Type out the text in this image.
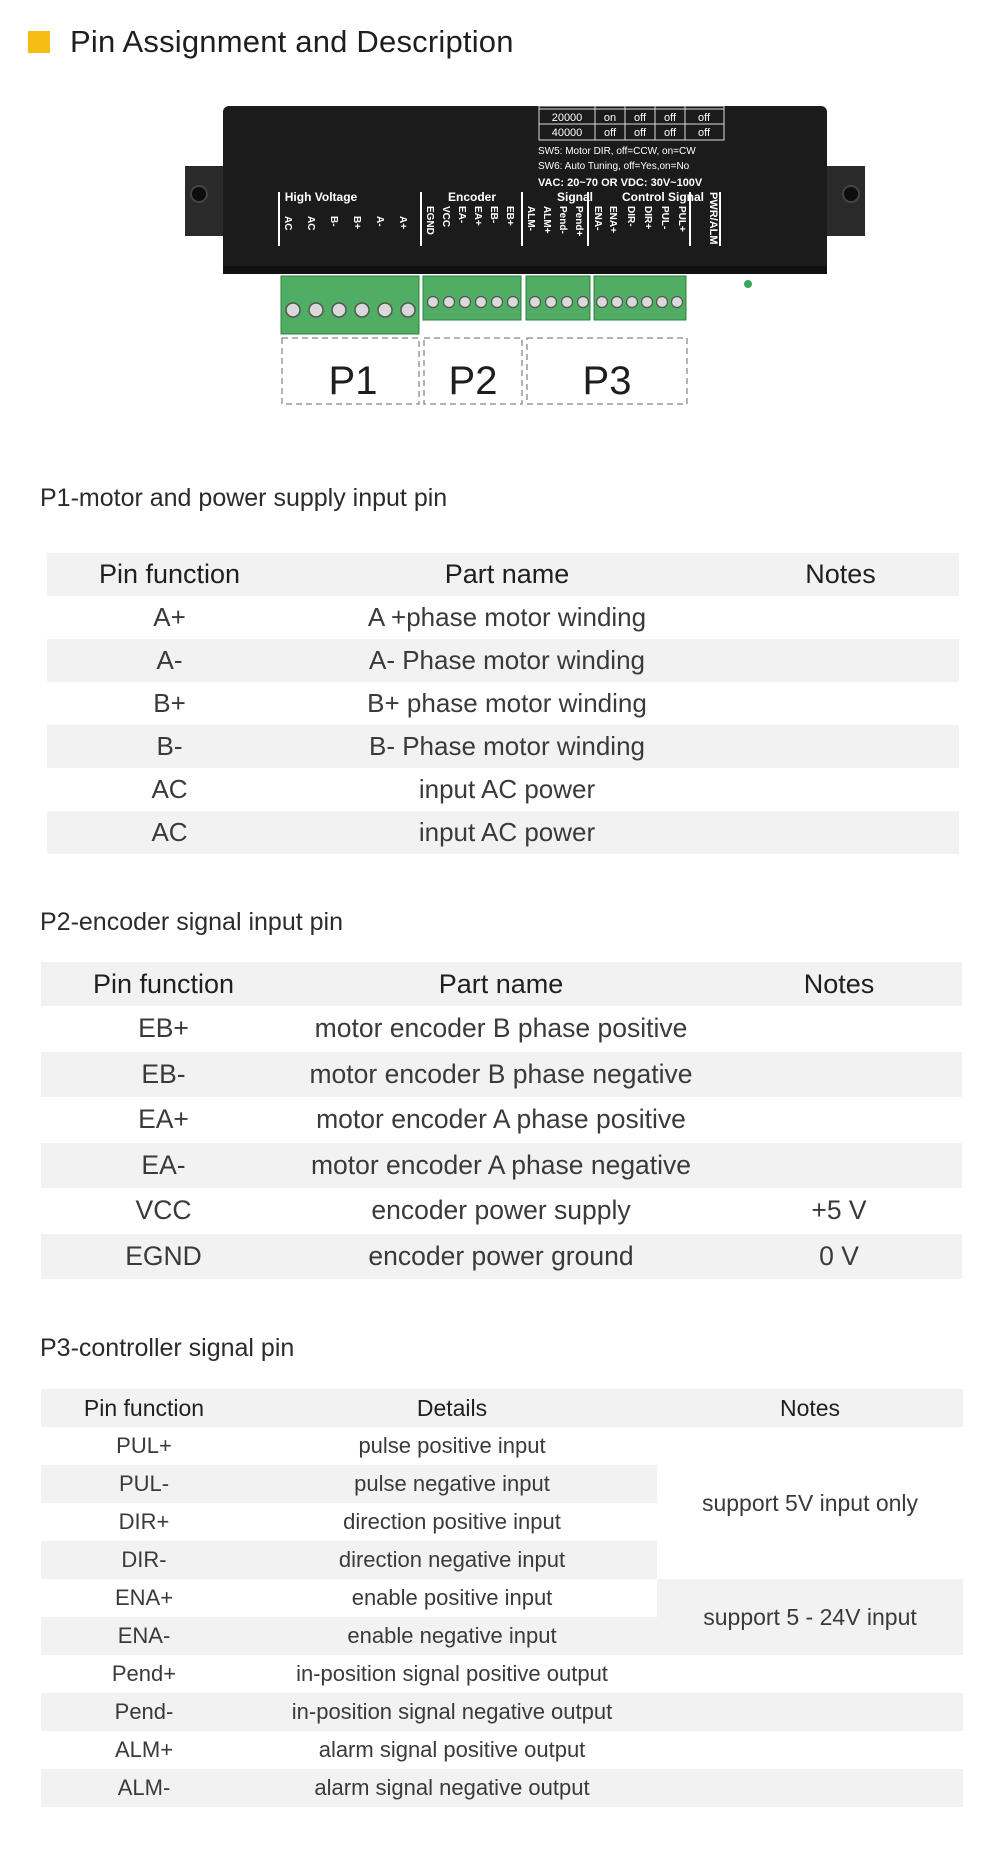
Pin Assignment and Description
20000 on off off off
40000 off off off off
SW5: Motor DIR, off=CCW, on=CW
SW6: Auto Tuning, off=Yes,on=No
VAC: 20~70 OR VDC: 30V~100V
High Voltage	Encoder	Signal Control Signal PWR/ALM
AC AC B- B+ A- A+ EGND VCC EA- EA+ EB- EB+ ALM- ALM+ Pend- Pend+ ENA- ENA+ DIR- DIR+ PUL- PUL+
P1 P2 P3
P1-motor and power supply input pin
Pin function	Part name	Notes
A+	A +phase motor winding	
A-	A- Phase motor winding	
B+	B+ phase motor winding	
B-	B- Phase motor winding	
AC	input AC power	
AC	input AC power	
P2-encoder signal input pin
Pin function	Part name	Notes
EB+	motor encoder B phase positive	
EB-	motor encoder B phase negative	
EA+	motor encoder A phase positive	
EA-	motor encoder A phase negative	
VCC	encoder power supply	+5 V
EGND	encoder power ground	0 V
P3-controller signal pin
Pin function	Details	Notes
PUL+	pulse positive input	support 5V input only
PUL-	pulse negative input	
DIR+	direction positive input	
DIR-	direction negative input	
ENA+	enable positive input	support 5 - 24V input
ENA-	enable negative input	
Pend+	in-position signal positive output	
Pend-	in-position signal negative output	
ALM+	alarm signal positive output	
ALM-	alarm signal negative output	
